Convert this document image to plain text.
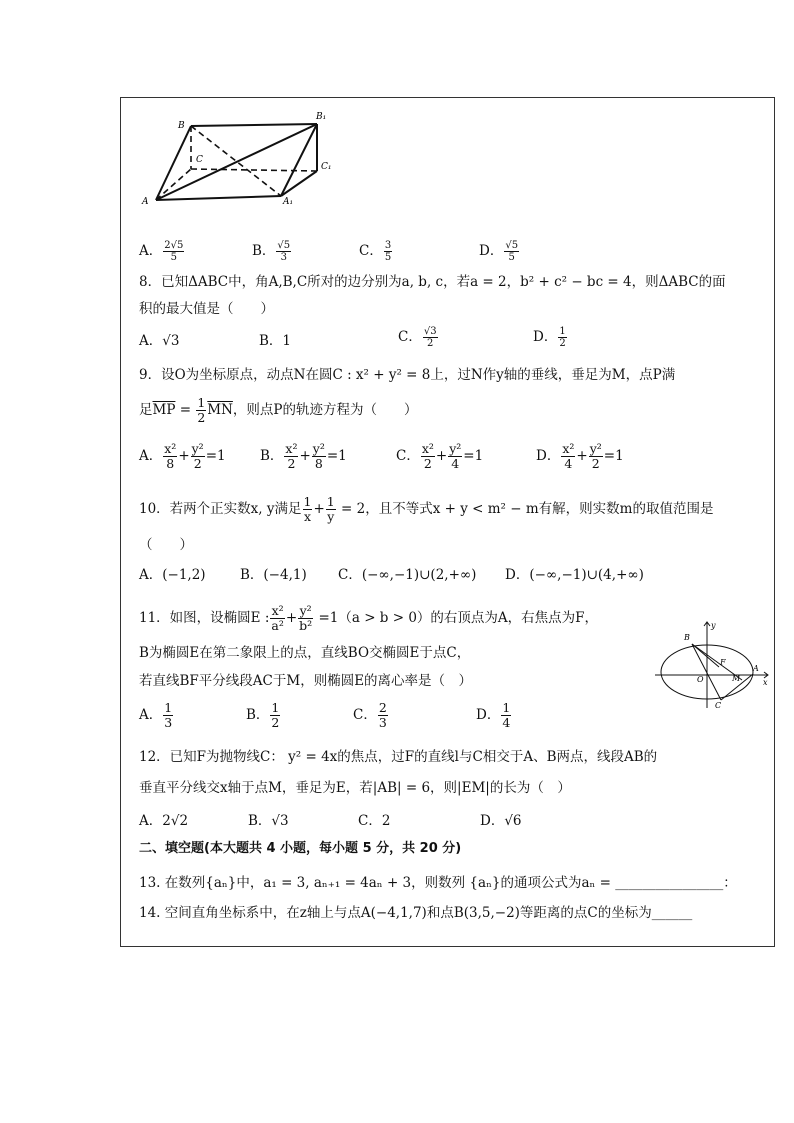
B
B₁
C
C₁
A	A₁
A． $\frac{2√5}{5}$	B． $\frac{√5}{3}$	C． $\frac{3}{5}$	D． $\frac{√5}{5}$
8．已知ΔABC中，角A,B,C所对的边分别为a, b, c，若a = 2，b² + c² − bc = 4，则ΔABC的面
积的最大值是（　　）
A．√3	B．1	C． $\frac{√3}{2}$	D． $\frac{1}{2}$
9．设O为坐标原点，动点N在圆C : x² + y² = 8上，过N作y轴的垂线，垂足为M，点P满
足$\overline{MP} = \frac{1}{2} \overline{MN}$，则点P的轨迹方程为（　　）
A． $\frac{\text{x²}}{8} + \frac{\text{y²}}{2} =1$	B． $\frac{\text{x²}}{2} + \frac{\text{y²}}{8} =1$	C． $\frac{\text{x²}}{2} + \frac{\text{y²}}{4} =1$	D． $\frac{\text{x²}}{4} + \frac{\text{y²}}{2} =1$
10．若两个正实数x, y满足 $\frac{1}{x} + \frac{1}{y} = 2$，且不等式x + y < m² − m有解，则实数m的取值范围是
（　　）
A．(−1,2)	B．(−4,1) C．(−∞,−1)∪(2,+∞) D．(−∞,−1)∪(4,+∞)
11．如图，设椭圆E : $\frac{\text{x²}}{\text{a²}} + \frac{\text{y²}}{\text{b²}} =1(a > b > 0)$的右顶点为A，右焦点为F，
B为椭圆E在第二象限上的点，直线BO交椭圆E于点C，
若直线BF平分线段AC于M，则椭圆E的离心率是（　）
A． $\frac{1}{3}$	B． $\frac{1}{2}$	C． $\frac{2}{3}$	D． $\frac{1}{4}$
y
x
B
A
O
F
M
C
12．已知F为抛物线C： y² = 4x的焦点，过F的直线l与C相交于A、B两点，线段AB的
垂直平分线交x轴于点M，垂足为E，若|AB| = 6，则|EM|的长为（　）
A．2√2	B．√3	C．2	D．√6
二、填空题(本大题共 4 小题，每小题 5 分，共 20 分)
13. 在数列{aₙ}中，a₁ = 3, aₙ₊₁ = 4aₙ + 3，则数列 {aₙ}的通项公式为aₙ = ________________：
14. 空间直角坐标系中，在z轴上与点A(−4,1,7)和点B(3,5,−2)等距离的点C的坐标为______
